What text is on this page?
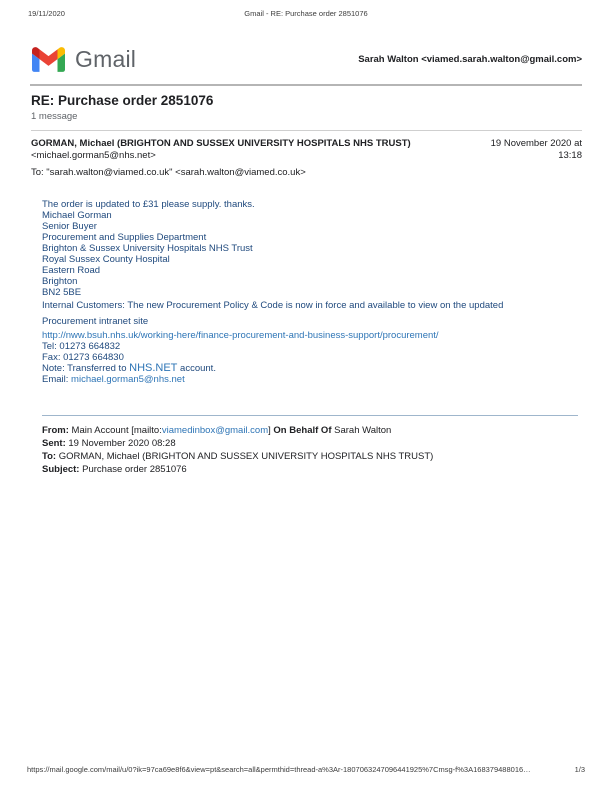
19/11/2020	Gmail - RE: Purchase order 2851076
Gmail	Sarah Walton <viamed.sarah.walton@gmail.com>
RE: Purchase order 2851076
1 message
GORMAN, Michael (BRIGHTON AND SUSSEX UNIVERSITY HOSPITALS NHS TRUST)
<michael.gorman5@nhs.net>
To: "sarah.walton@viamed.co.uk" <sarah.walton@viamed.co.uk>
19 November 2020 at
13:18

The order is updated to £31 please supply. thanks.

Michael Gorman

Senior Buyer

Procurement and Supplies Department

Brighton & Sussex University Hospitals NHS Trust

Royal Sussex County Hospital

Eastern Road

Brighton

BN2 5BE

Internal Customers: The new Procurement Policy & Code is now in force and available to view on the updated Procurement intranet site

http://nww.bsuh.nhs.uk/working-here/finance-procurement-and-business-support/procurement/

Tel: 01273 664832

Fax: 01273 664830

Note: Transferred to NHS.NET account.

Email: michael.gorman5@nhs.net

From: Main Account [mailto:viamedinbox@gmail.com] On Behalf Of Sarah Walton
Sent: 19 November 2020 08:28
To: GORMAN, Michael (BRIGHTON AND SUSSEX UNIVERSITY HOSPITALS NHS TRUST)
Subject: Purchase order 2851076
https://mail.google.com/mail/u/0?ik=97ca69e8f6&view=pt&search=all&permthid=thread-a%3Ar-1807063247096441925%7Cmsg-f%3A168379488016…	1/3
